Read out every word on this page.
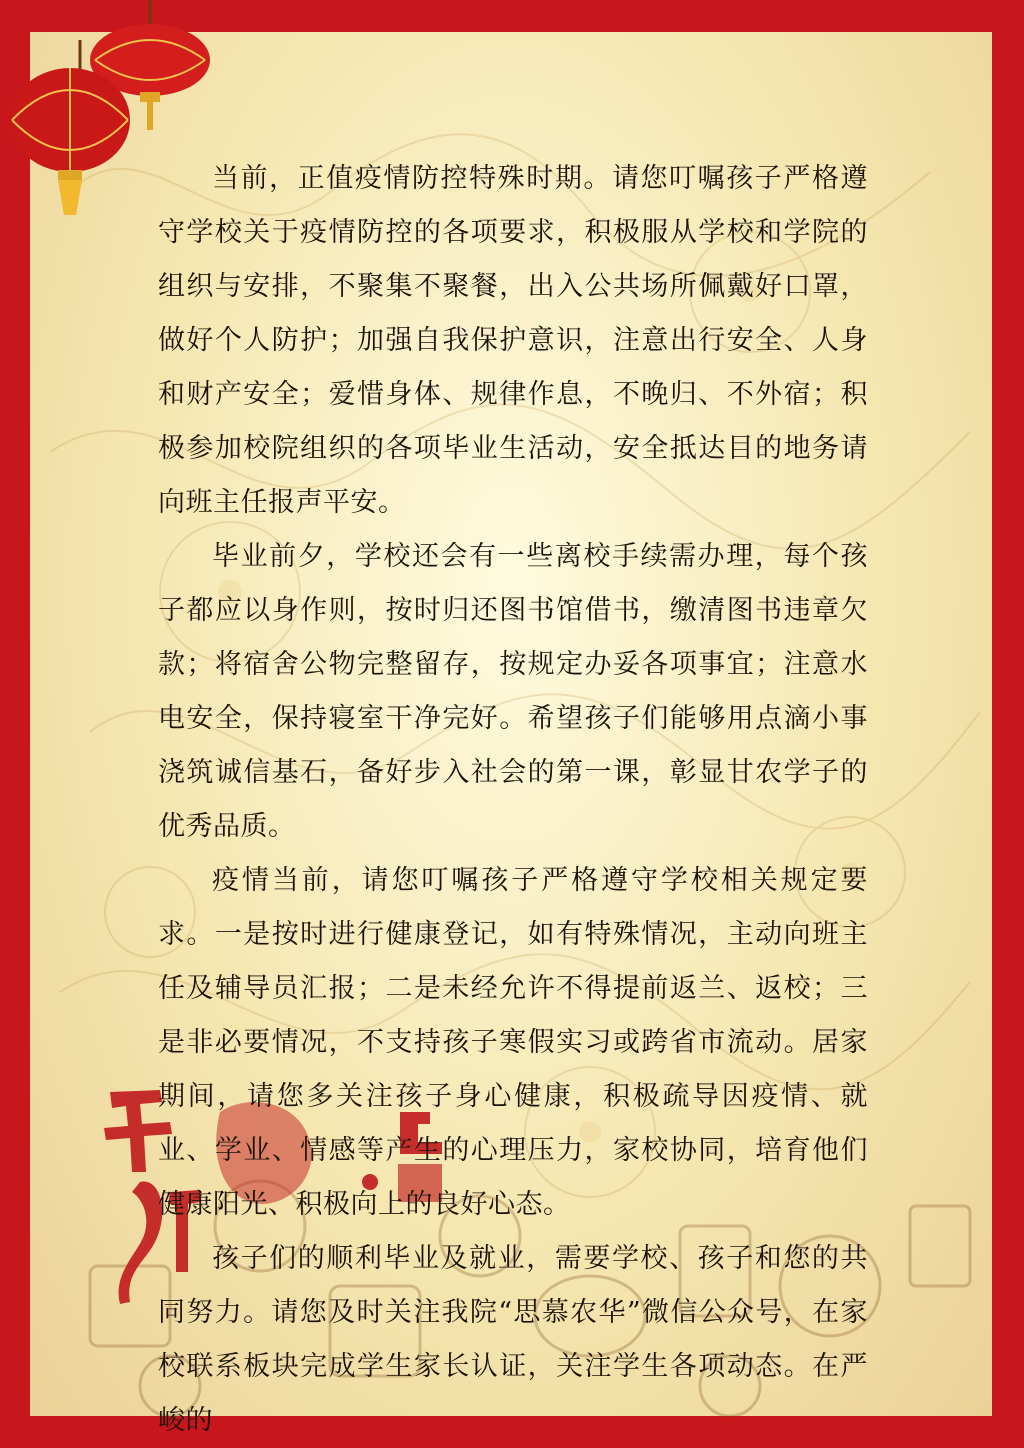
当前，正值疫情防控特殊时期。请您叮嘱孩子严格遵守学校关于疫情防控的各项要求，积极服从学校和学院的组织与安排，不聚集不聚餐，出入公共场所佩戴好口罩，做好个人防护；加强自我保护意识，注意出行安全、人身和财产安全；爱惜身体、规律作息，不晚归、不外宿；积极参加校院组织的各项毕业生活动，安全抵达目的地务请向班主任报声平安。

毕业前夕，学校还会有一些离校手续需办理，每个孩子都应以身作则，按时归还图书馆借书，缴清图书违章欠款；将宿舍公物完整留存，按规定办妥各项事宜；注意水电安全，保持寝室干净完好。希望孩子们能够用点滴小事浇筑诚信基石，备好步入社会的第一课，彰显甘农学子的优秀品质。

疫情当前，请您叮嘱孩子严格遵守学校相关规定要求。一是按时进行健康登记，如有特殊情况，主动向班主任及辅导员汇报；二是未经允许不得提前返兰、返校；三是非必要情况，不支持孩子寒假实习或跨省市流动。居家期间，请您多关注孩子身心健康，积极疏导因疫情、就业、学业、情感等产生的心理压力，家校协同，培育他们健康阳光、积极向上的良好心态。

孩子们的顺利毕业及就业，需要学校、孩子和您的共同努力。请您及时关注我院“思慕农华”微信公众号，在家校联系板块完成学生家长认证，关注学生各项动态。在严峻的
